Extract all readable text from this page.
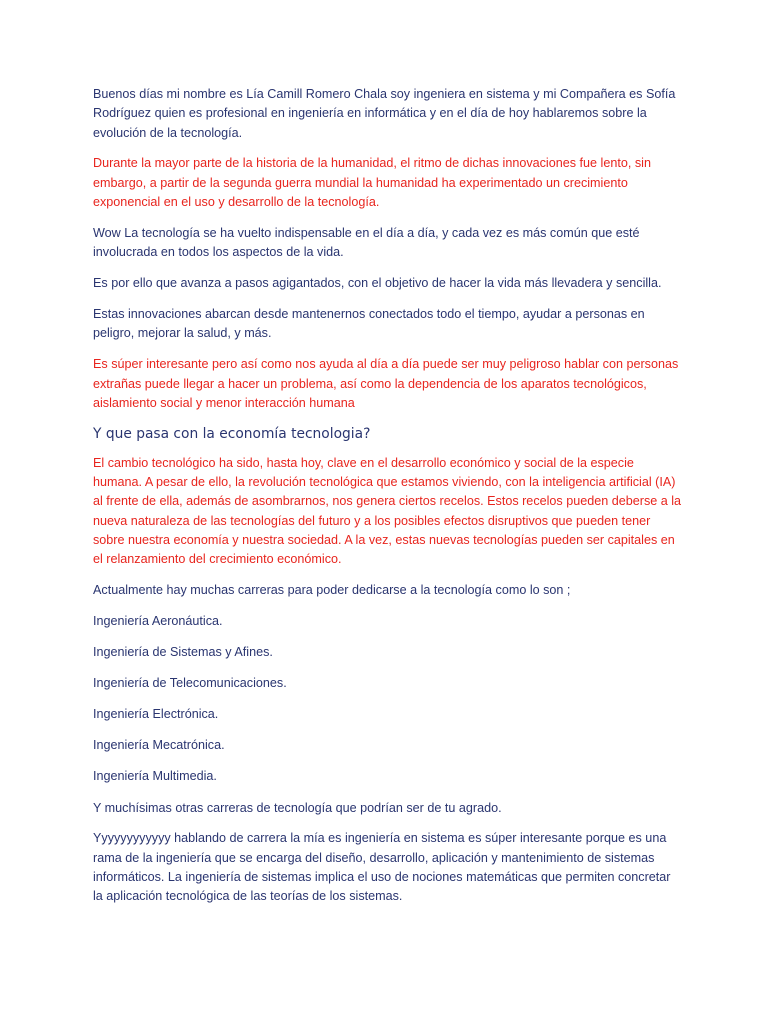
Buenos días mi nombre es Lía Camill Romero Chala soy ingeniera en sistema y mi Compañera es Sofía Rodríguez quien es profesional en ingeniería en informática y en el día de hoy hablaremos sobre la evolución de la tecnología.

Durante la mayor parte de la historia de la humanidad, el ritmo de dichas innovaciones fue lento, sin embargo, a partir de la segunda guerra mundial la humanidad ha experimentado un crecimiento exponencial en el uso y desarrollo de la tecnología.

Wow La tecnología se ha vuelto indispensable en el día a día, y cada vez es más común que esté involucrada en todos los aspectos de la vida.

Es por ello que avanza a pasos agigantados, con el objetivo de hacer la vida más llevadera y sencilla.

Estas innovaciones abarcan desde mantenernos conectados todo el tiempo, ayudar a personas en peligro, mejorar la salud, y más.

Es súper interesante pero así como nos ayuda al día a día puede ser muy peligroso hablar con personas extrañas puede llegar a hacer un problema, así como la dependencia de los aparatos tecnológicos, aislamiento social y menor interacción humana

Y que pasa con la economía tecnologia?

El cambio tecnológico ha sido, hasta hoy, clave en el desarrollo económico y social de la especie humana. A pesar de ello, la revolución tecnológica que estamos viviendo, con la inteligencia artificial (IA) al frente de ella, además de asombrarnos, nos genera ciertos recelos. Estos recelos pueden deberse a la nueva naturaleza de las tecnologías del futuro y a los posibles efectos disruptivos que pueden tener sobre nuestra economía y nuestra sociedad. A la vez, estas nuevas tecnologías pueden ser capitales en el relanzamiento del crecimiento económico.

Actualmente hay muchas carreras para poder dedicarse a la tecnología como lo son ;

Ingeniería Aeronáutica.

Ingeniería de Sistemas y Afines.

Ingeniería de Telecomunicaciones.

Ingeniería Electrónica.

Ingeniería Mecatrónica.

Ingeniería Multimedia.

Y muchísimas otras carreras de tecnología que podrían ser de tu agrado.

Yyyyyyyyyyyy hablando de carrera la mía es ingeniería en sistema es súper interesante porque es una rama de la ingeniería que se encarga del diseño, desarrollo, aplicación y mantenimiento de sistemas informáticos. La ingeniería de sistemas implica el uso de nociones matemáticas que permiten concretar la aplicación tecnológica de las teorías de los sistemas.
